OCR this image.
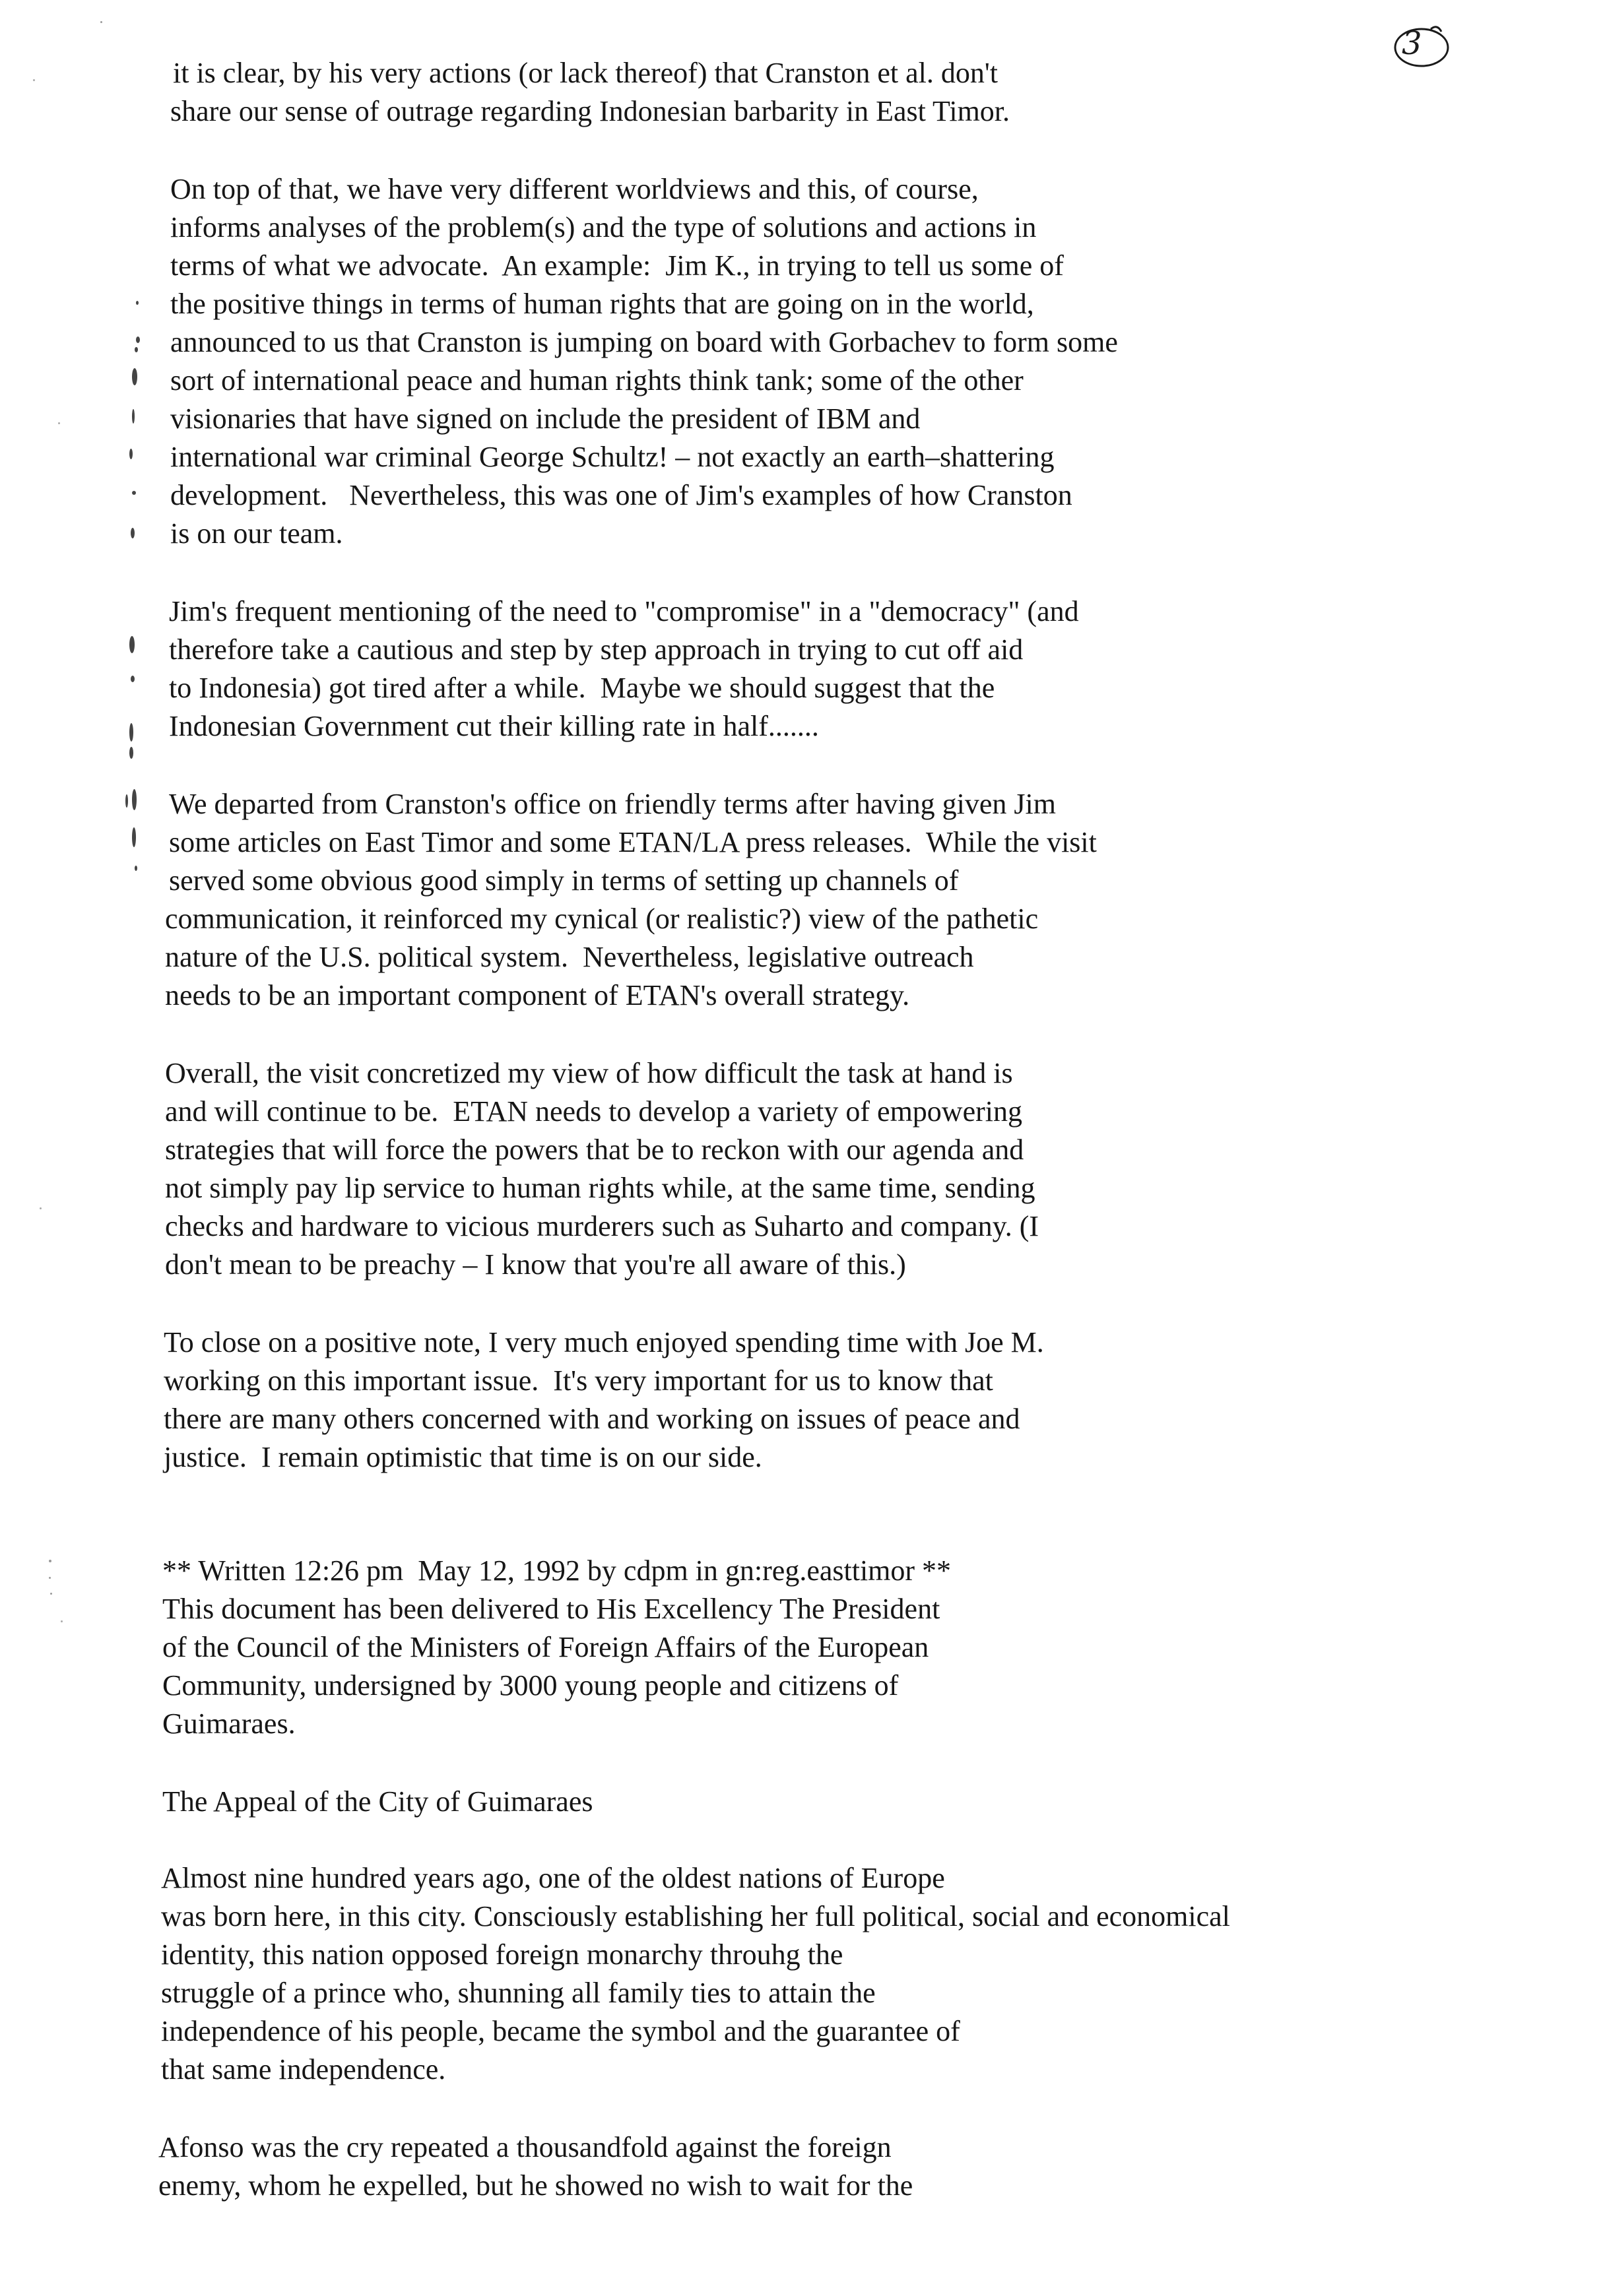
3
it is clear, by his very actions (or lack thereof) that Cranston et al. don't
share our sense of outrage regarding Indonesian barbarity in East Timor.
On top of that, we have very different worldviews and this, of course,
informs analyses of the problem(s) and the type of solutions and actions in
terms of what we advocate.  An example:  Jim K., in trying to tell us some of
the positive things in terms of human rights that are going on in the world,
announced to us that Cranston is jumping on board with Gorbachev to form some
sort of international peace and human rights think tank; some of the other
visionaries that have signed on include the president of IBM and
international war criminal George Schultz! – not exactly an earth–shattering
development.   Nevertheless, this was one of Jim's examples of how Cranston
is on our team.
Jim's frequent mentioning of the need to "compromise" in a "democracy" (and
therefore take a cautious and step by step approach in trying to cut off aid
to Indonesia) got tired after a while.  Maybe we should suggest that the
Indonesian Government cut their killing rate in half.......
We departed from Cranston's office on friendly terms after having given Jim
some articles on East Timor and some ETAN/LA press releases.  While the visit
served some obvious good simply in terms of setting up channels of
communication, it reinforced my cynical (or realistic?) view of the pathetic
nature of the U.S. political system.  Nevertheless, legislative outreach
needs to be an important component of ETAN's overall strategy.
Overall, the visit concretized my view of how difficult the task at hand is
and will continue to be.  ETAN needs to develop a variety of empowering
strategies that will force the powers that be to reckon with our agenda and
not simply pay lip service to human rights while, at the same time, sending
checks and hardware to vicious murderers such as Suharto and company. (I
don't mean to be preachy – I know that you're all aware of this.)
To close on a positive note, I very much enjoyed spending time with Joe M.
working on this important issue.  It's very important for us to know that
there are many others concerned with and working on issues of peace and
justice.  I remain optimistic that time is on our side.
** Written 12:26 pm  May 12, 1992 by cdpm in gn:reg.easttimor **
This document has been delivered to His Excellency The President
of the Council of the Ministers of Foreign Affairs of the European
Community, undersigned by 3000 young people and citizens of
Guimaraes.
The Appeal of the City of Guimaraes
Almost nine hundred years ago, one of the oldest nations of Europe
was born here, in this city. Consciously establishing her full political, social and economical
identity, this nation opposed foreign monarchy throuhg the
struggle of a prince who, shunning all family ties to attain the
independence of his people, became the symbol and the guarantee of
that same independence.
Afonso was the cry repeated a thousandfold against the foreign
enemy, whom he expelled, but he showed no wish to wait for the
